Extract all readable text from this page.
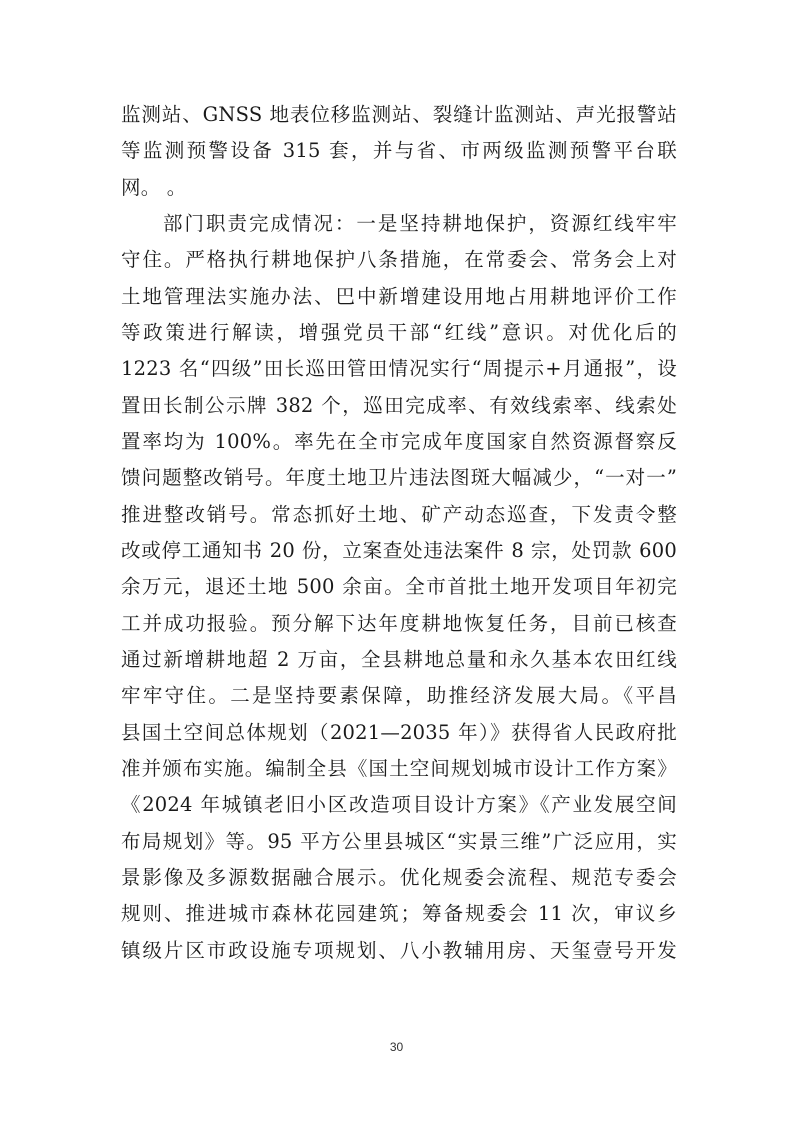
监测站、GNSS 地表位移监测站、裂缝计监测站、声光报警站
等监测预警设备 315 套，并与省、市两级监测预警平台联
网。 。
部门职责完成情况：一是坚持耕地保护，资源红线牢牢
守住。严格执行耕地保护八条措施，在常委会、常务会上对
土地管理法实施办法、巴中新增建设用地占用耕地评价工作
等政策进行解读，增强党员干部“红线”意识。对优化后的
1223 名“四级”田长巡田管田情况实行“周提示+月通报”，设
置田长制公示牌 382 个，巡田完成率、有效线索率、线索处
置率均为 100%。率先在全市完成年度国家自然资源督察反
馈问题整改销号。年度土地卫片违法图斑大幅减少，“一对一”
推进整改销号。常态抓好土地、矿产动态巡查，下发责令整
改或停工通知书 20 份，立案查处违法案件 8 宗，处罚款 600
余万元，退还土地 500 余亩。全市首批土地开发项目年初完
工并成功报验。预分解下达年度耕地恢复任务，目前已核查
通过新增耕地超 2 万亩，全县耕地总量和永久基本农田红线
牢牢守住。二是坚持要素保障，助推经济发展大局。《平昌
县国土空间总体规划（2021—2035 年）》获得省人民政府批
准并颁布实施。编制全县《国土空间规划城市设计工作方案》
《2024 年城镇老旧小区改造项目设计方案》《产业发展空间
布局规划》等。95 平方公里县城区“实景三维”广泛应用，实
景影像及多源数据融合展示。优化规委会流程、规范专委会
规则、推进城市森林花园建筑；筹备规委会 11 次，审议乡
镇级片区市政设施专项规划、八小教辅用房、天玺壹号开发
30
